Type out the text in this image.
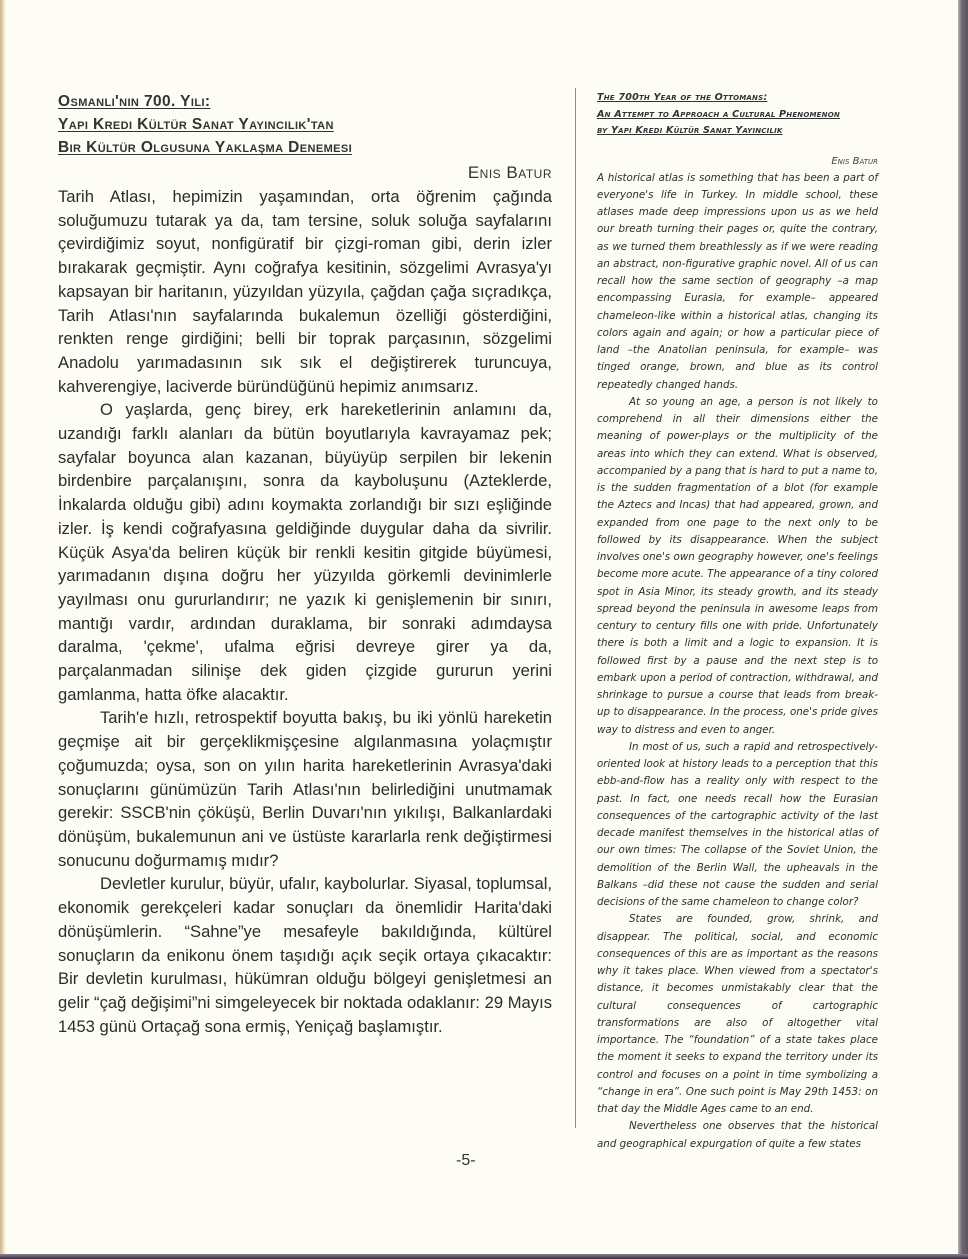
Osmanlı'nın 700. Yılı:
Yapı Kredi Kültür Sanat Yayıncılık'tan
Bir Kültür Olgusuna Yaklaşma Denemesi
Enis Batur

Tarih Atlası, hepimizin yaşamından, orta öğrenim çağında soluğumuzu tutarak ya da, tam tersine, soluk soluğa sayfalarını çevirdiğimiz soyut, nonfigüratif bir çizgi-roman gibi, derin izler bırakarak geçmiştir. Aynı coğrafya kesitinin, sözgelimi Avrasya'yı kapsayan bir haritanın, yüzyıldan yüzyıla, çağdan çağa sıçradıkça, Tarih Atlası'nın sayfalarında bukalemun özelliği gösterdiğini, renkten renge girdiğini; belli bir toprak parçasının, sözgelimi Anadolu yarımadasının sık sık el değiştirerek turuncuya, kahverengiye, laciverde büründüğünü hepimiz anımsarız.

O yaşlarda, genç birey, erk hareketlerinin anlamını da, uzandığı farklı alanları da bütün boyutlarıyla kavrayamaz pek; sayfalar boyunca alan kazanan, büyüyüp serpilen bir lekenin birdenbire parçalanışını, sonra da kayboluşunu (Azteklerde, İnkalarda olduğu gibi) adını koymakta zorlandığı bir sızı eşliğinde izler. İş kendi coğrafyasına geldiğinde duygular daha da sivrilir. Küçük Asya'da beliren küçük bir renkli kesitin gitgide büyümesi, yarımadanın dışına doğru her yüzyılda görkemli devinimlerle yayılması onu gururlandırır; ne yazık ki genişlemenin bir sınırı, mantığı vardır, ardından duraklama, bir sonraki adımdaysa daralma, 'çekme', ufalma eğrisi devreye girer ya da, parçalanmadan silinişe dek giden çizgide gururun yerini gamlanma, hatta öfke alacaktır.

Tarih'e hızlı, retrospektif boyutta bakış, bu iki yönlü hareketin geçmişe ait bir gerçeklikmişçesine algılanmasına yolaçmıştır çoğumuzda; oysa, son on yılın harita hareketlerinin Avrasya'daki sonuçlarını günümüzün Tarih Atlası'nın belirlediğini unutmamak gerekir: SSCB'nin çöküşü, Berlin Duvarı'nın yıkılışı, Balkanlardaki dönüşüm, bukalemunun ani ve üstüste kararlarla renk değiştirmesi sonucunu doğurmamış mıdır?

Devletler kurulur, büyür, ufalır, kaybolurlar. Siyasal, toplumsal, ekonomik gerekçeleri kadar sonuçları da önemlidir Harita'daki dönüşümlerin. “Sahne”ye mesafeyle bakıldığında, kültürel sonuçların da enikonu önem taşıdığı açık seçik ortaya çıkacaktır: Bir devletin kurulması, hükümran olduğu bölgeyi genişletmesi an gelir “çağ değişimi”ni simgeleyecek bir noktada odaklanır: 29 Mayıs 1453 günü Ortaçağ sona ermiş, Yeniçağ başlamıştır.

The 700th Year of the Ottomans:
An Attempt to Approach a Cultural Phenomenon
by Yapı Kredi Kültür Sanat Yayıncılık
Enis Batur

A historical atlas is something that has been a part of everyone's life in Turkey. In middle school, these atlases made deep impressions upon us as we held our breath turning their pages or, quite the contrary, as we turned them breathlessly as if we were reading an abstract, non-figurative graphic novel. All of us can recall how the same section of geography –a map encompassing Eurasia, for example– appeared chameleon-like within a historical atlas, changing its colors again and again; or how a particular piece of land –the Anatolian peninsula, for example– was tinged orange, brown, and blue as its control repeatedly changed hands.

At so young an age, a person is not likely to comprehend in all their dimensions either the meaning of power-plays or the multiplicity of the areas into which they can extend. What is observed, accompanied by a pang that is hard to put a name to, is the sudden fragmentation of a blot (for example the Aztecs and Incas) that had appeared, grown, and expanded from one page to the next only to be followed by its disappearance. When the subject involves one's own geography however, one's feelings become more acute. The appearance of a tiny colored spot in Asia Minor, its steady growth, and its steady spread beyond the peninsula in awesome leaps from century to century fills one with pride. Unfortunately there is both a limit and a logic to expansion. It is followed first by a pause and the next step is to embark upon a period of contraction, withdrawal, and shrinkage to pursue a course that leads from break-up to disappearance. In the process, one's pride gives way to distress and even to anger.

In most of us, such a rapid and retrospectively-oriented look at history leads to a perception that this ebb-and-flow has a reality only with respect to the past. In fact, one needs recall how the Eurasian consequences of the cartographic activity of the last decade manifest themselves in the historical atlas of our own times: The collapse of the Soviet Union, the demolition of the Berlin Wall, the upheavals in the Balkans –did these not cause the sudden and serial decisions of the same chameleon to change color?

States are founded, grow, shrink, and disappear. The political, social, and economic consequences of this are as important as the reasons why it takes place. When viewed from a spectator's distance, it becomes unmistakably clear that the cultural consequences of cartographic transformations are also of altogether vital importance. The “foundation” of a state takes place the moment it seeks to expand the territory under its control and focuses on a point in time symbolizing a “change in era”. One such point is May 29th 1453: on that day the Middle Ages came to an end.

Nevertheless one observes that the historical and geographical expurgation of quite a few states

-5-
